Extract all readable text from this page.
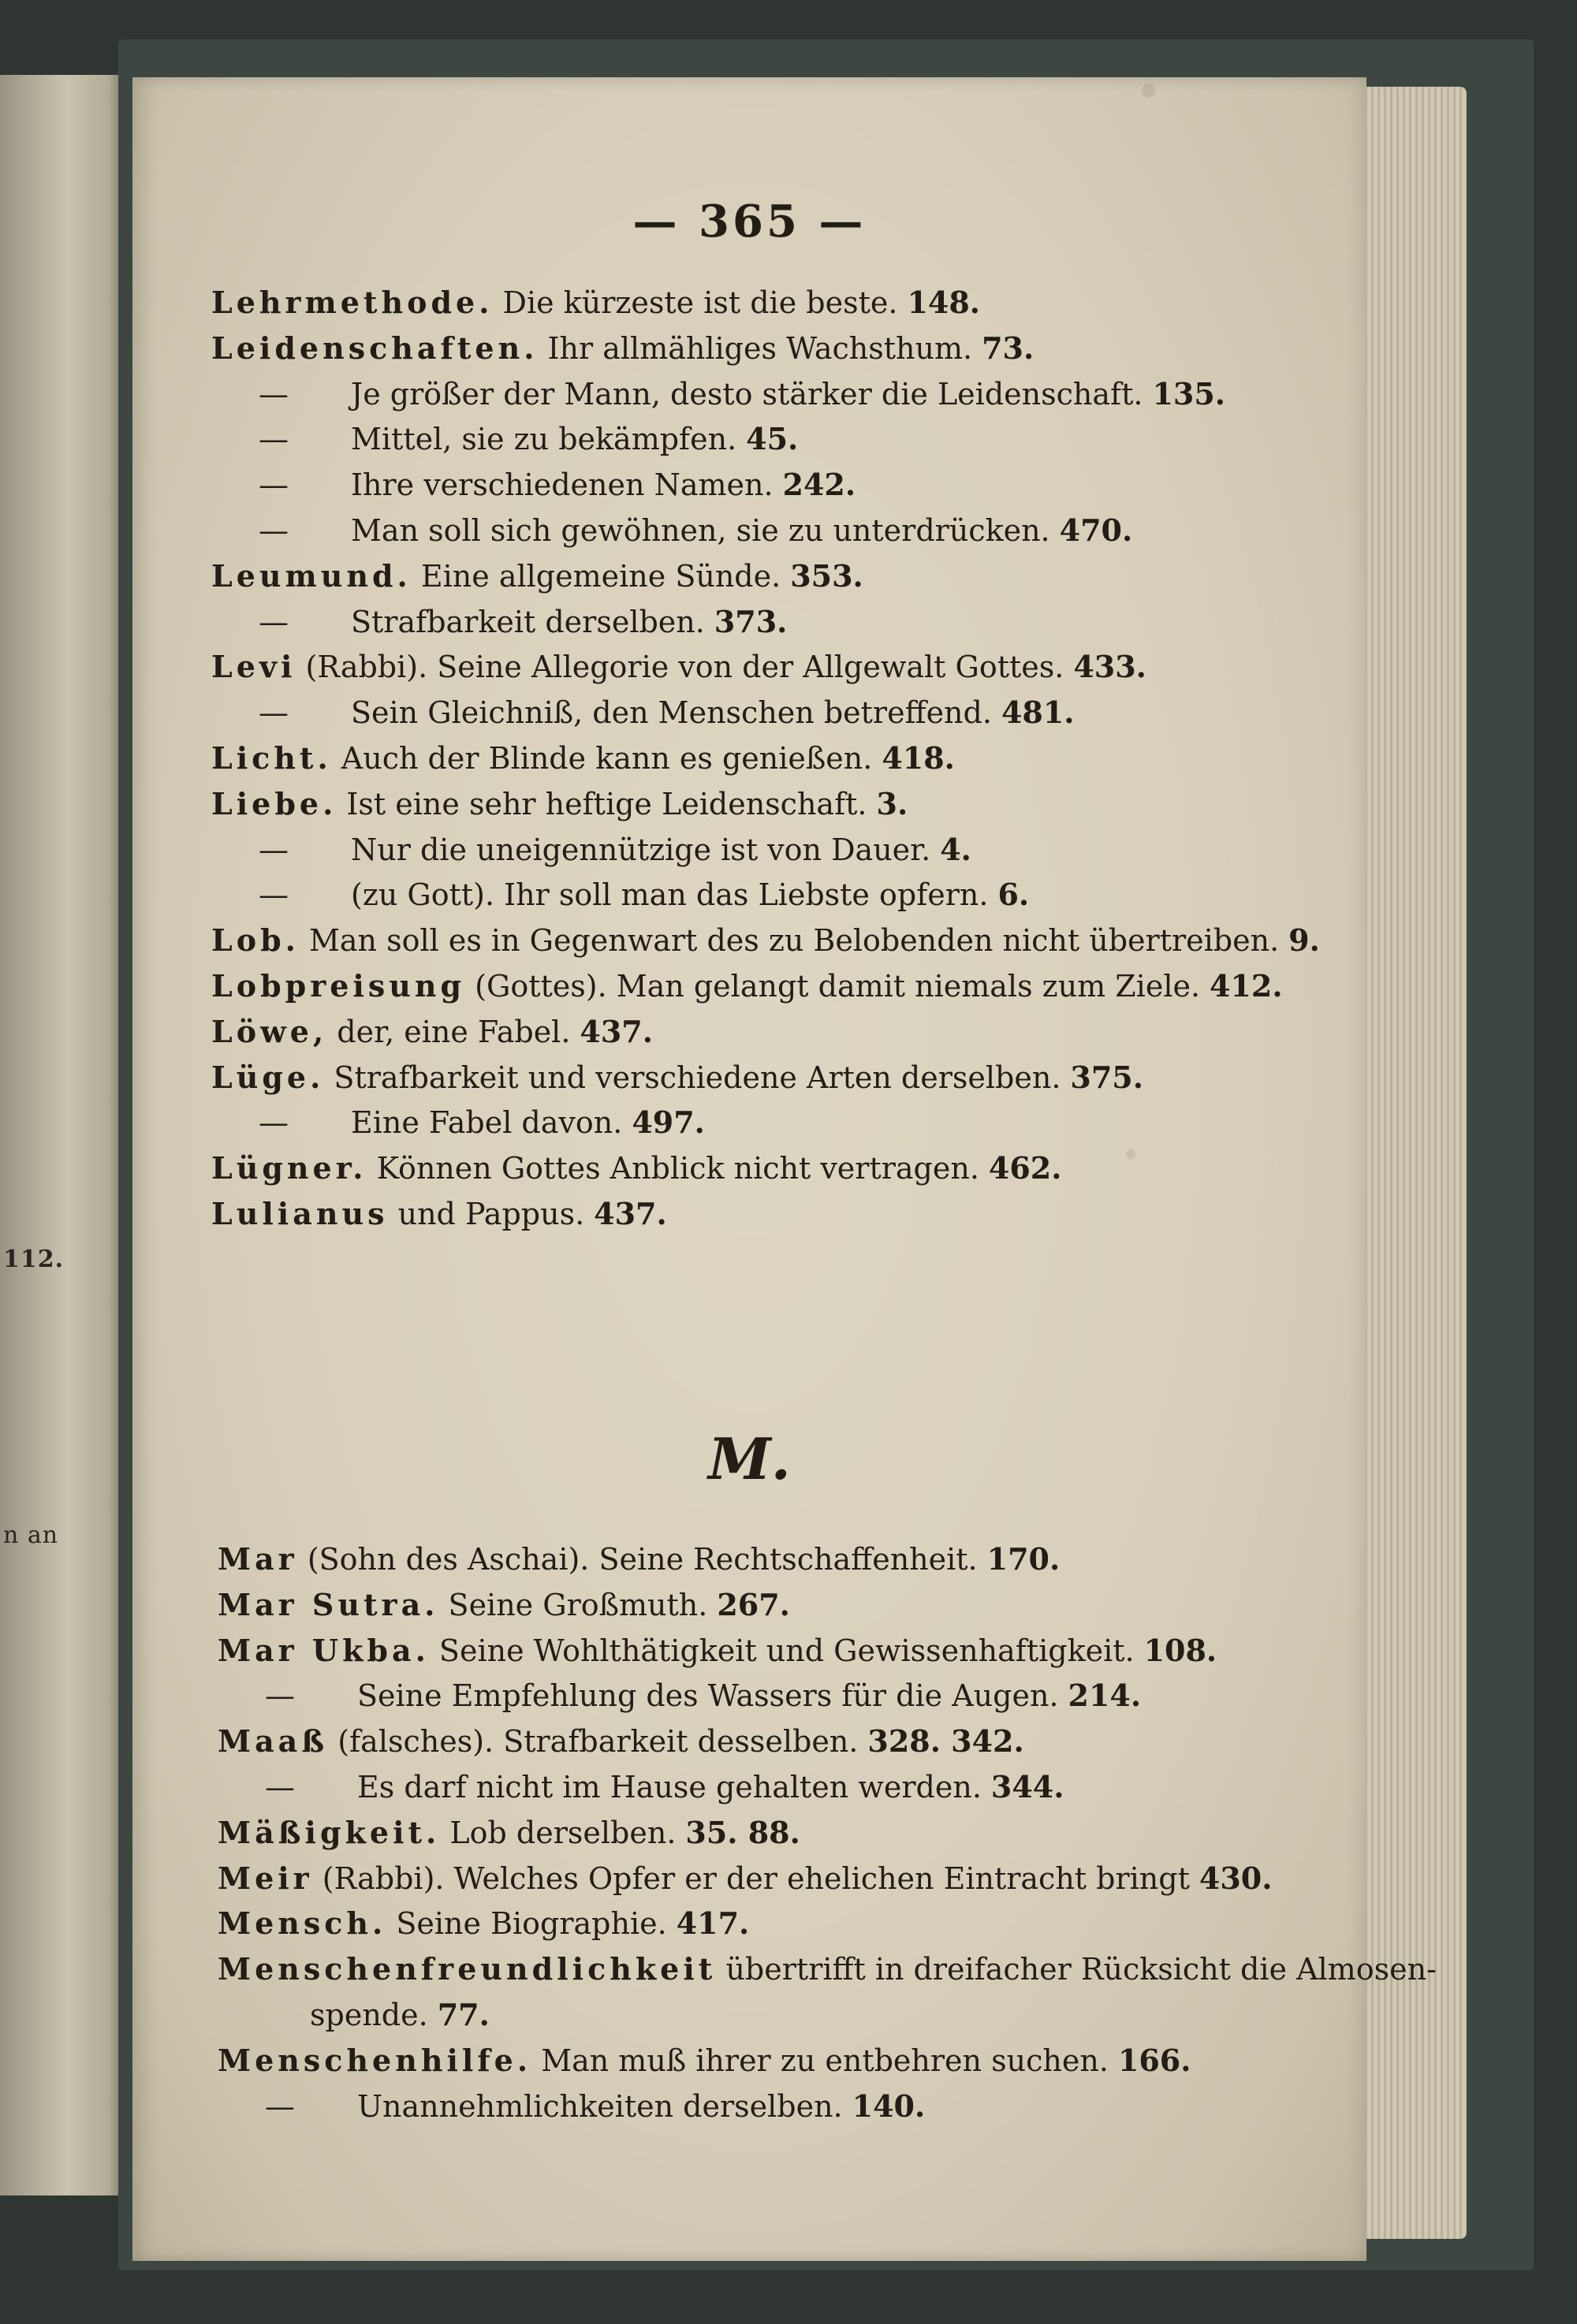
112.
n an
— 365 —
Lehrmethode. Die kürzeste ist die beste. 148.
Leidenschaften. Ihr allmähliges Wachsthum. 73.
— Je größer der Mann, desto stärker die Leidenschaft. 135.
— Mittel, sie zu bekämpfen. 45.
— Ihre verschiedenen Namen. 242.
— Man soll sich gewöhnen, sie zu unterdrücken. 470.
Leumund. Eine allgemeine Sünde. 353.
— Strafbarkeit derselben. 373.
Levi (Rabbi). Seine Allegorie von der Allgewalt Gottes. 433.
— Sein Gleichniß, den Menschen betreffend. 481.
Licht. Auch der Blinde kann es genießen. 418.
Liebe. Ist eine sehr heftige Leidenschaft. 3.
— Nur die uneigennützige ist von Dauer. 4.
— (zu Gott). Ihr soll man das Liebste opfern. 6.
Lob. Man soll es in Gegenwart des zu Belobenden nicht übertreiben. 9.
Lobpreisung (Gottes). Man gelangt damit niemals zum Ziele. 412.
Löwe, der, eine Fabel. 437.
Lüge. Strafbarkeit und verschiedene Arten derselben. 375.
— Eine Fabel davon. 497.
Lügner. Können Gottes Anblick nicht vertragen. 462.
Lulianus und Pappus. 437.
M.
Mar (Sohn des Aschai). Seine Rechtschaffenheit. 170.
Mar Sutra. Seine Großmuth. 267.
Mar Ukba. Seine Wohlthätigkeit und Gewissenhaftigkeit. 108.
— Seine Empfehlung des Wassers für die Augen. 214.
Maaß (falsches). Strafbarkeit desselben. 328. 342.
— Es darf nicht im Hause gehalten werden. 344.
Mäßigkeit. Lob derselben. 35. 88.
Meir (Rabbi). Welches Opfer er der ehelichen Eintracht bringt 430.
Mensch. Seine Biographie. 417.
Menschenfreundlichkeit übertrifft in dreifacher Rücksicht die Almosen-
spende. 77.
Menschenhilfe. Man muß ihrer zu entbehren suchen. 166.
— Unannehmlichkeiten derselben. 140.
